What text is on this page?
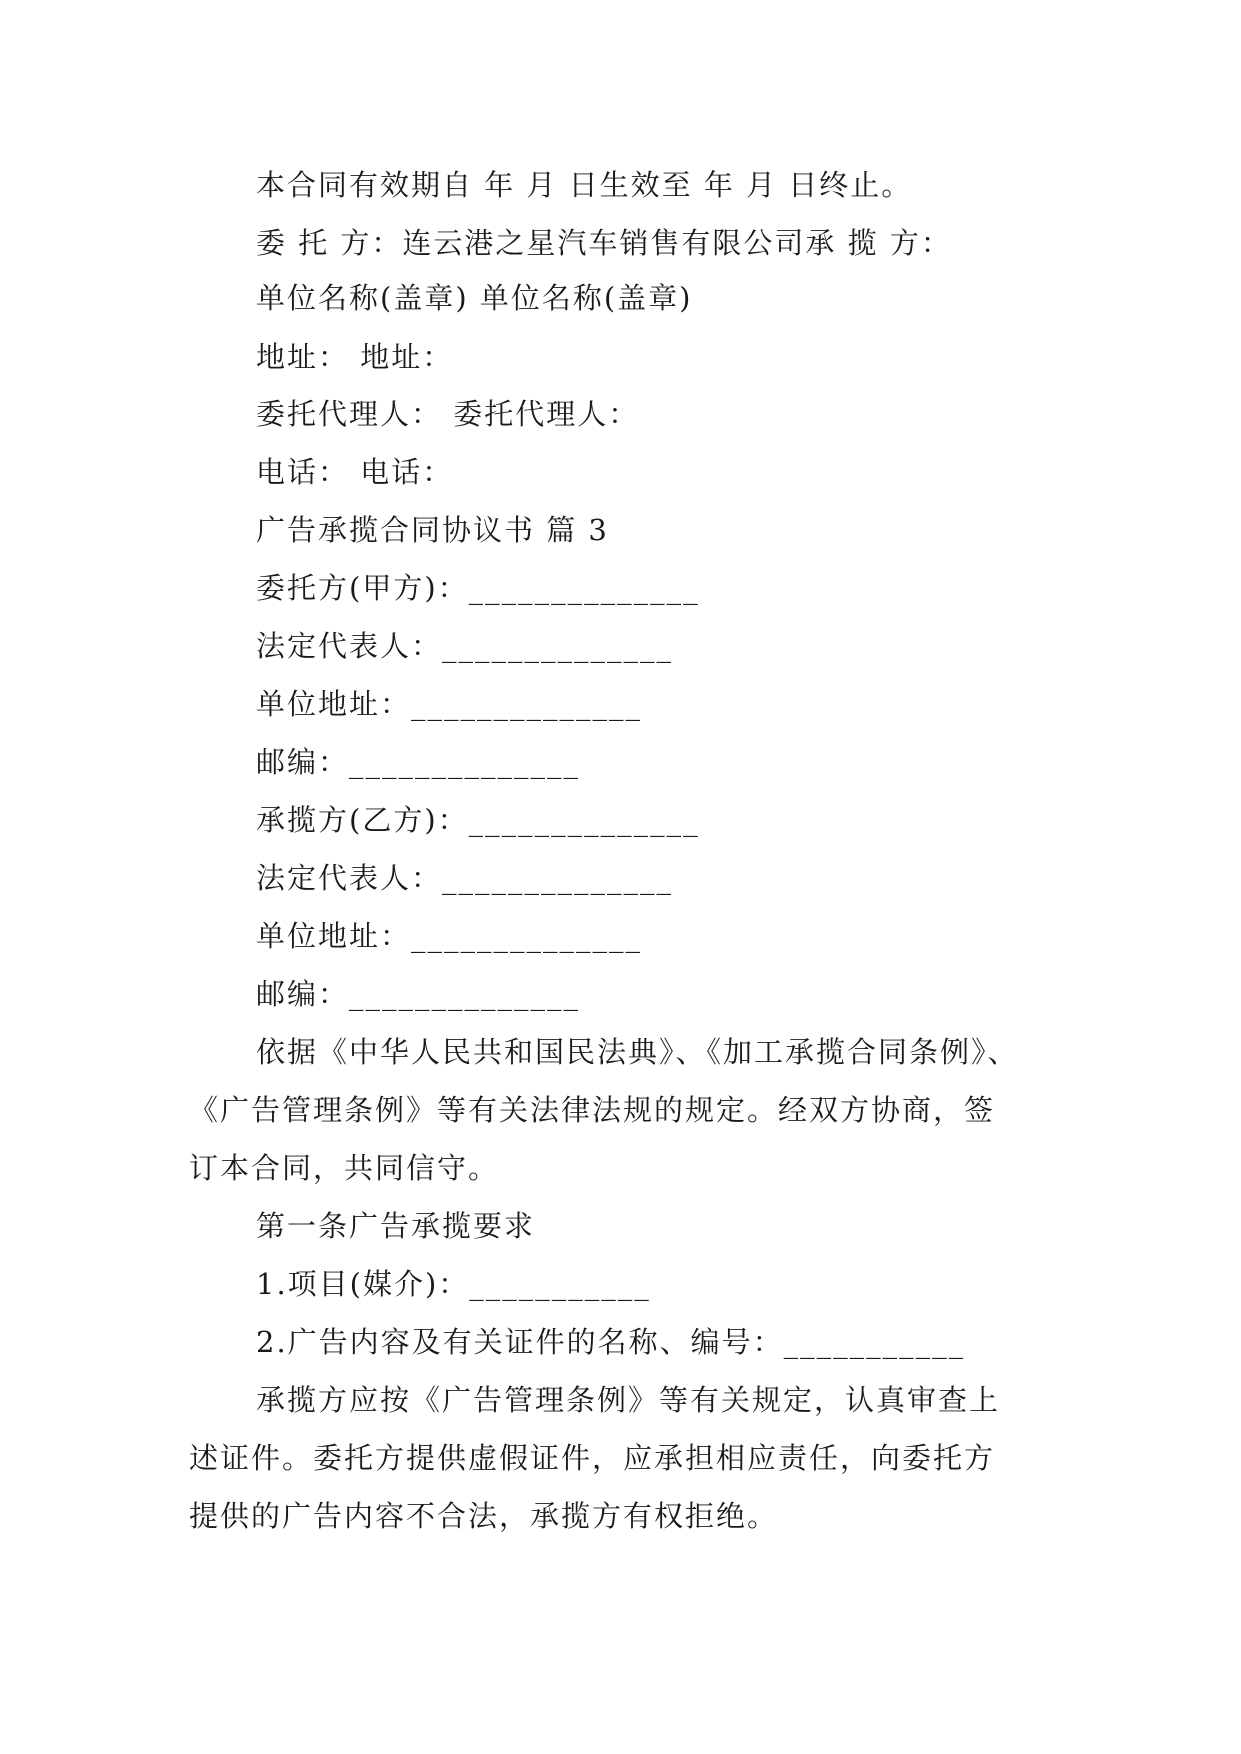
本合同有效期自 年 月 日生效至 年 月 日终止。
委 托 方：连云港之星汽车销售有限公司承 揽 方：
单位名称(盖章) 单位名称(盖章)
地址： 地址：
委托代理人： 委托代理人：
电话： 电话：
广告承揽合同协议书 篇 3
委托方(甲方)：______________
法定代表人：______________
单位地址：______________
邮编：______________
承揽方(乙方)：______________
法定代表人：______________
单位地址：______________
邮编：______________
依据《中华人民共和国民法典》、《加工承揽合同条例》、
《广告管理条例》等有关法律法规的规定。经双方协商，签
订本合同，共同信守。
第一条广告承揽要求
1.项目(媒介)：___________
2.广告内容及有关证件的名称、编号：___________
承揽方应按《广告管理条例》等有关规定，认真审查上
述证件。委托方提供虚假证件，应承担相应责任，向委托方
提供的广告内容不合法，承揽方有权拒绝。
